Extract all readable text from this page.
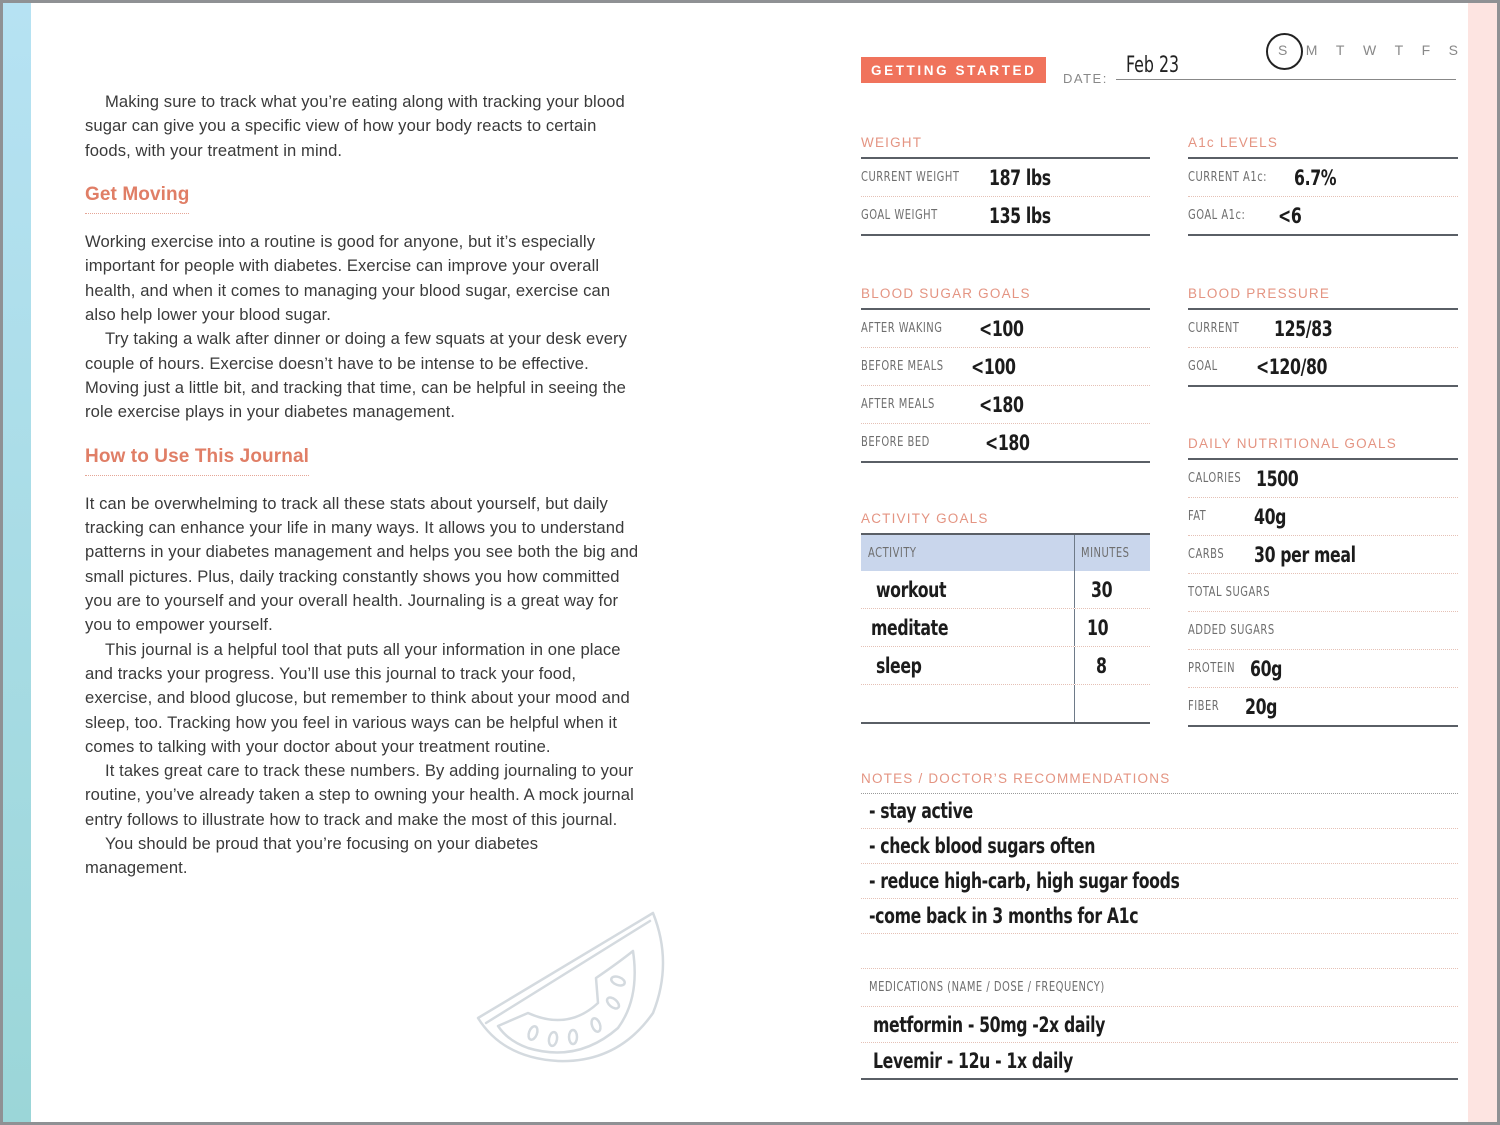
Making sure to track what you’re eating along with tracking your blood sugar can give you a specific view of how your body reacts to certain foods, with your treatment in mind.

Get Moving

Working exercise into a routine is good for anyone, but it’s especially important for people with diabetes. Exercise can improve your overall health, and when it comes to managing your blood sugar, exercise can also help lower your blood sugar.

Try taking a walk after dinner or doing a few squats at your desk every couple of hours. Exercise doesn’t have to be intense to be effective. Moving just a little bit, and tracking that time, can be helpful in seeing the role exercise plays in your diabetes management.

How to Use This Journal

It can be overwhelming to track all these stats about yourself, but daily tracking can enhance your life in many ways. It allows you to understand patterns in your diabetes management and helps you see both the big and small pictures. Plus, daily tracking constantly shows you how committed you are to yourself and your overall health. Journaling is a great way for you to empower yourself.

This journal is a helpful tool that puts all your information in one place and tracks your progress. You’ll use this journal to track your food, exercise, and blood glucose, but remember to think about your mood and sleep, too. Tracking how you feel in various ways can be helpful when it comes to talking with your doctor about your treatment routine.

It takes great care to track these numbers. By adding journaling to your routine, you’ve already taken a step to owning your health. A mock journal entry follows to illustrate how to track and make the most of this journal.

You should be proud that you’re focusing on your diabetes management.

GETTING STARTED
DATE:
Feb 23
S M T W T F S
WEIGHT
CURRENT WEIGHT	187 lbs
GOAL WEIGHT	135 lbs
A1c LEVELS
CURRENT A1c:	6.7%
GOAL A1c:	<6
BLOOD SUGAR GOALS
AFTER WAKING	<100
BEFORE MEALS	<100
AFTER MEALS	<180
BEFORE BED	<180
BLOOD PRESSURE
CURRENT	125/83
GOAL	<120/80
DAILY NUTRITIONAL GOALS
CALORIES 1500
FAT	40g
CARBS	30 per meal
TOTAL SUGARS
ADDED SUGARS
PROTEIN 60g
FIBER	20g
ACTIVITY GOALS
ACTIVITY	MINUTES
workout	30
meditate	10
sleep	8
NOTES / DOCTOR’S RECOMMENDATIONS
- stay active
- check blood sugars often
- reduce high-carb, high sugar foods
-come back in 3 months for A1c
MEDICATIONS (NAME / DOSE / FREQUENCY)
metformin - 50mg -2x daily
Levemir - 12u - 1x daily
